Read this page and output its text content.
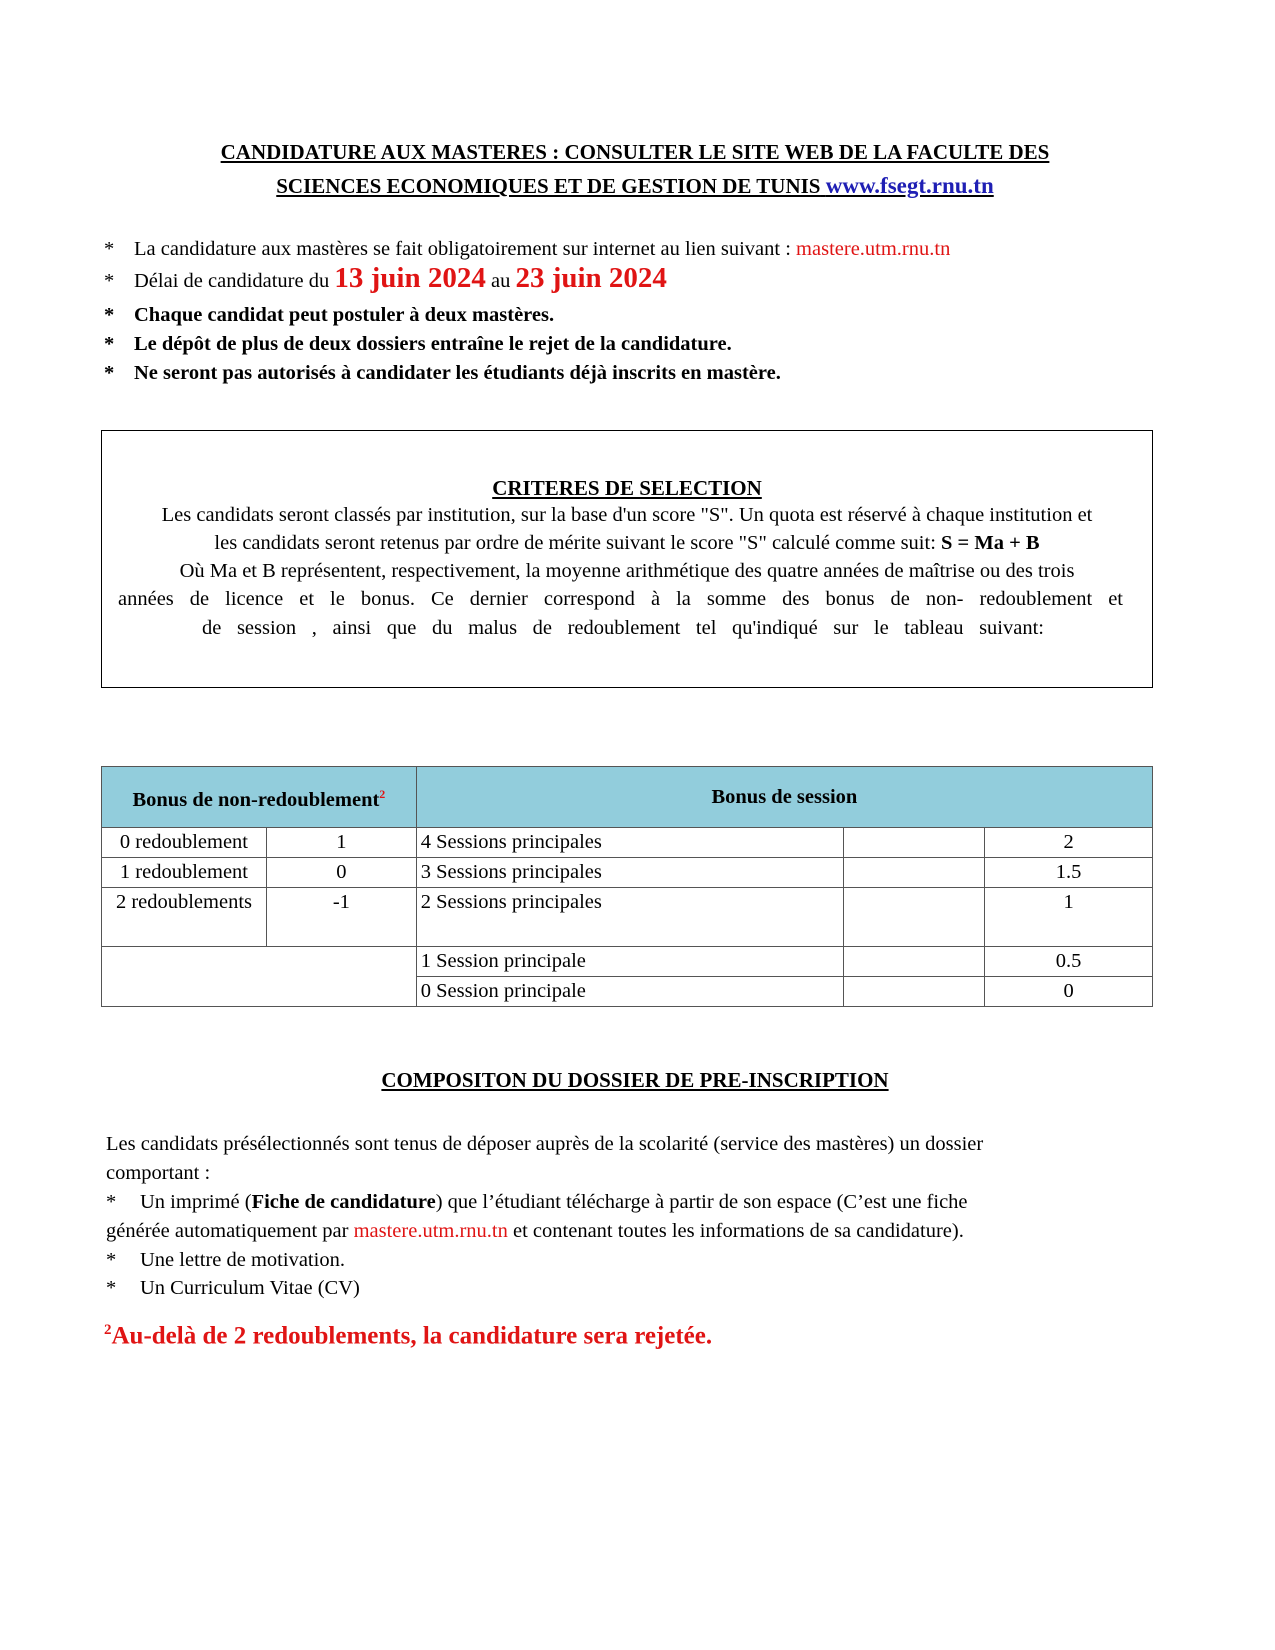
CANDIDATURE AUX MASTERES : CONSULTER LE SITE WEB DE LA FACULTE DES
SCIENCES ECONOMIQUES ET DE GESTION DE TUNIS www.fsegt.rnu.tn
* La candidature aux mastères se fait obligatoirement sur internet au lien suivant : mastere.utm.rnu.tn
* Délai de candidature du 13 juin 2024 au 23 juin 2024
* Chaque candidat peut postuler à deux mastères.
* Le dépôt de plus de deux dossiers entraîne le rejet de la candidature.
* Ne seront pas autorisés à candidater les étudiants déjà inscrits en mastère.
CRITERES DE SELECTION
Les candidats seront classés par institution, sur la base d'un score "S". Un quota est réservé à chaque institution et
les candidats seront retenus par ordre de mérite suivant le score "S" calculé comme suit: S = Ma + B
Où Ma et B représentent, respectivement, la moyenne arithmétique des quatre années de maîtrise ou des trois
années de licence et le bonus. Ce dernier correspond à la somme des bonus de non- redoublement et
de session , ainsi que du malus de redoublement tel qu'indiqué sur le tableau suivant:
Bonus de non-redoublement$^2$		Bonus de session		
0 redoublement	1	4 Sessions principales		2
1 redoublement	0	3 Sessions principales		1.5
2 redoublements	-1	2 Sessions principales		1
		1 Session principale		0.5
		0 Session principale		0
COMPOSITON DU DOSSIER DE PRE-INSCRIPTION
Les candidats présélectionnés sont tenus de déposer auprès de la scolarité (service des mastères) un dossier
comportant :
* Un imprimé (Fiche de candidature) que l’étudiant télécharge à partir de son espace (C’est une fiche
générée automatiquement par mastere.utm.rnu.tn et contenant toutes les informations de sa candidature).
* Une lettre de motivation.
* Un Curriculum Vitae (CV)
$^2$Au-delà de 2 redoublements, la candidature sera rejetée.
